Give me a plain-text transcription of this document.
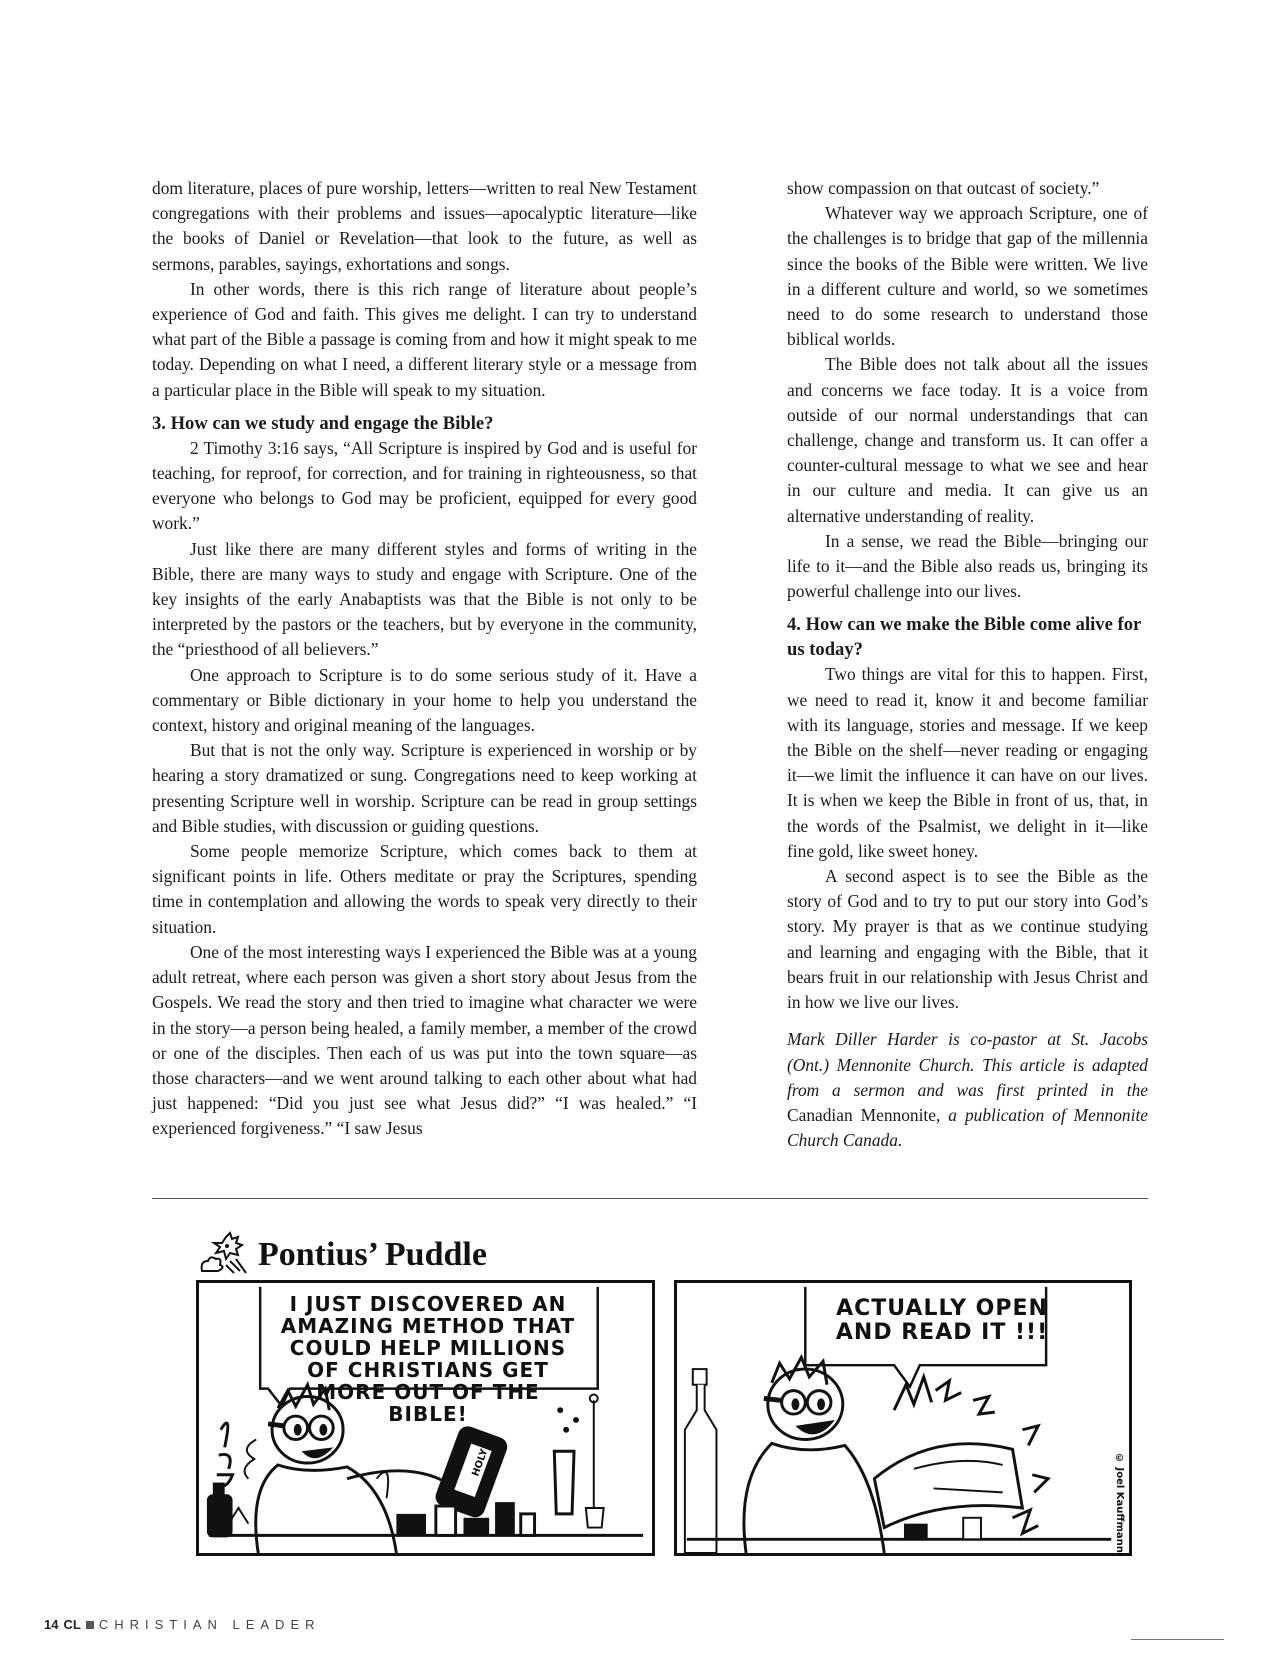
dom literature, places of pure worship, letters—written to real New Testament congregations with their problems and issues—apocalyptic literature—like the books of Daniel or Revelation—that look to the future, as well as sermons, parables, sayings, exhortations and songs.

In other words, there is this rich range of literature about people’s experience of God and faith. This gives me delight. I can try to understand what part of the Bible a passage is coming from and how it might speak to me today. Depending on what I need, a different literary style or a message from a particular place in the Bible will speak to my situation.

3. How can we study and engage the Bible?

2 Timothy 3:16 says, “All Scripture is inspired by God and is useful for teaching, for reproof, for correction, and for training in righteousness, so that everyone who belongs to God may be proficient, equipped for every good work.”

Just like there are many different styles and forms of writing in the Bible, there are many ways to study and engage with Scripture. One of the key insights of the early Anabaptists was that the Bible is not only to be interpreted by the pastors or the teachers, but by everyone in the community, the “priesthood of all believers.”

One approach to Scripture is to do some serious study of it. Have a commentary or Bible dictionary in your home to help you understand the context, history and original meaning of the languages.

But that is not the only way. Scripture is experienced in worship or by hearing a story dramatized or sung. Congregations need to keep working at presenting Scripture well in worship. Scripture can be read in group settings and Bible studies, with discussion or guiding questions.

Some people memorize Scripture, which comes back to them at significant points in life. Others meditate or pray the Scriptures, spending time in contemplation and allowing the words to speak very directly to their situation.

One of the most interesting ways I experienced the Bible was at a young adult retreat, where each person was given a short story about Jesus from the Gospels. We read the story and then tried to imagine what character we were in the story—a person being healed, a family member, a member of the crowd or one of the disciples. Then each of us was put into the town square—as those characters—and we went around talking to each other about what had just happened: “Did you just see what Jesus did?” “I was healed.” “I experienced forgiveness.” “I saw Jesus

show compassion on that outcast of society.”

Whatever way we approach Scripture, one of the challenges is to bridge that gap of the millennia since the books of the Bible were written. We live in a different culture and world, so we sometimes need to do some research to understand those biblical worlds.

The Bible does not talk about all the issues and concerns we face today. It is a voice from outside of our normal understandings that can challenge, change and transform us. It can offer a counter-cultural message to what we see and hear in our culture and media. It can give us an alternative understanding of reality.

In a sense, we read the Bible—bringing our life to it—and the Bible also reads us, bringing its powerful challenge into our lives.

4. How can we make the Bible come alive for us today?

Two things are vital for this to happen. First, we need to read it, know it and become familiar with its language, stories and message. If we keep the Bible on the shelf—never reading or engaging it—we limit the influence it can have on our lives. It is when we keep the Bible in front of us, that, in the words of the Psalmist, we delight in it—like fine gold, like sweet honey.

A second aspect is to see the Bible as the story of God and to try to put our story into God’s story. My prayer is that as we continue studying and learning and engaging with the Bible, that it bears fruit in our relationship with Jesus Christ and in how we live our lives.

Mark Diller Harder is co-pastor at St. Jacobs (Ont.) Mennonite Church. This article is adapted from a sermon and was first printed in the Canadian Mennonite, a publication of Mennonite Church Canada.

Pontius’ Puddle
HOLY
I JUST DISCOVERED AN AMAZING METHOD THAT COULD HELP MILLIONS OF CHRISTIANS GET MORE OUT OF THE BIBLE!
ACTUALLY OPEN AND READ IT !!!
© Joel Kauffmann
14 CL CHRISTIAN LEADER
